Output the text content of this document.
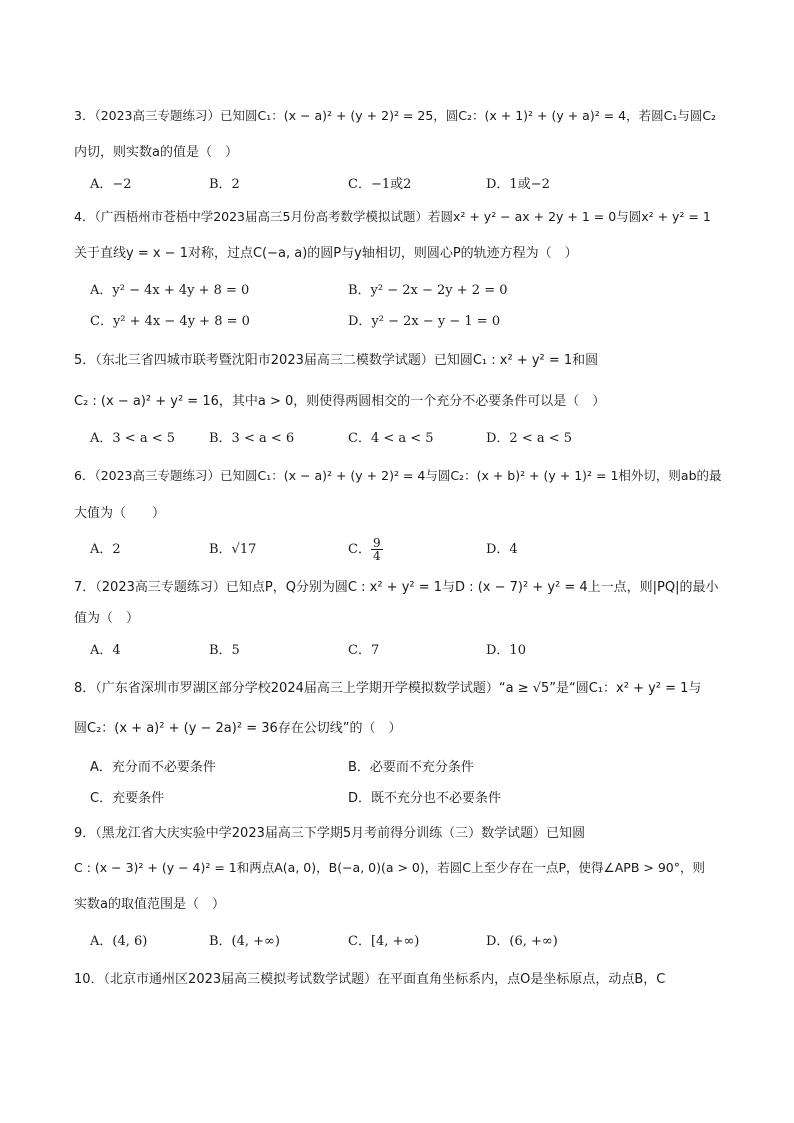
3．（2023高三专题练习）已知圆C₁：(x − a)² + (y + 2)² = 25，圆C₂：(x + 1)² + (y + a)² = 4，若圆C₁与圆C₂
内切，则实数a的值是（　）
A．−2	B．2	C．−1或2	D．1或−2
4．（广西梧州市苍梧中学2023届高三5月份高考数学模拟试题）若圆x² + y² − ax + 2y + 1 = 0与圆x² + y² = 1
关于直线y = x − 1对称，过点C(−a, a)的圆P与y轴相切，则圆心P的轨迹方程为（　）
A．y² − 4x + 4y + 8 = 0	B．y² − 2x − 2y + 2 = 0
C．y² + 4x − 4y + 8 = 0	D．y² − 2x − y − 1 = 0
5．（东北三省四城市联考暨沈阳市2023届高三二模数学试题）已知圆C₁ : x² + y² = 1和圆
C₂ : (x − a)² + y² = 16，其中a > 0，则使得两圆相交的一个充分不必要条件可以是（　）
A．3 < a < 5	B．3 < a < 6	C．4 < a < 5	D．2 < a < 5
6．（2023高三专题练习）已知圆C₁：(x − a)² + (y + 2)² = 4与圆C₂：(x + b)² + (y + 1)² = 1相外切，则ab的最
大值为（　　）
A．2	B．√17	C． $\frac{9}{4}$	D．4
7．（2023高三专题练习）已知点P，Q分别为圆C : x² + y² = 1与D : (x − 7)² + y² = 4上一点，则|PQ|的最小
值为（　）
A．4	B．5	C．7	D．10
8．（广东省深圳市罗湖区部分学校2024届高三上学期开学模拟数学试题）“a ≥ √5”是“圆C₁：x² + y² = 1与
圆C₂：(x + a)² + (y − 2a)² = 36存在公切线”的（　）
A．充分而不必要条件	B．必要而不充分条件
C．充要条件	D．既不充分也不必要条件
9．（黑龙江省大庆实验中学2023届高三下学期5月考前得分训练（三）数学试题）已知圆
C : (x − 3)² + (y − 4)² = 1和两点A(a, 0)，B(−a, 0)(a > 0)，若圆C上至少存在一点P，使得∠APB > 90°，则
实数a的取值范围是（　）
A．(4, 6)	B．(4, +∞)	C．[4, +∞)	D．(6, +∞)
10．（北京市通州区2023届高三模拟考试数学试题）在平面直角坐标系内，点O是坐标原点，动点B，C
